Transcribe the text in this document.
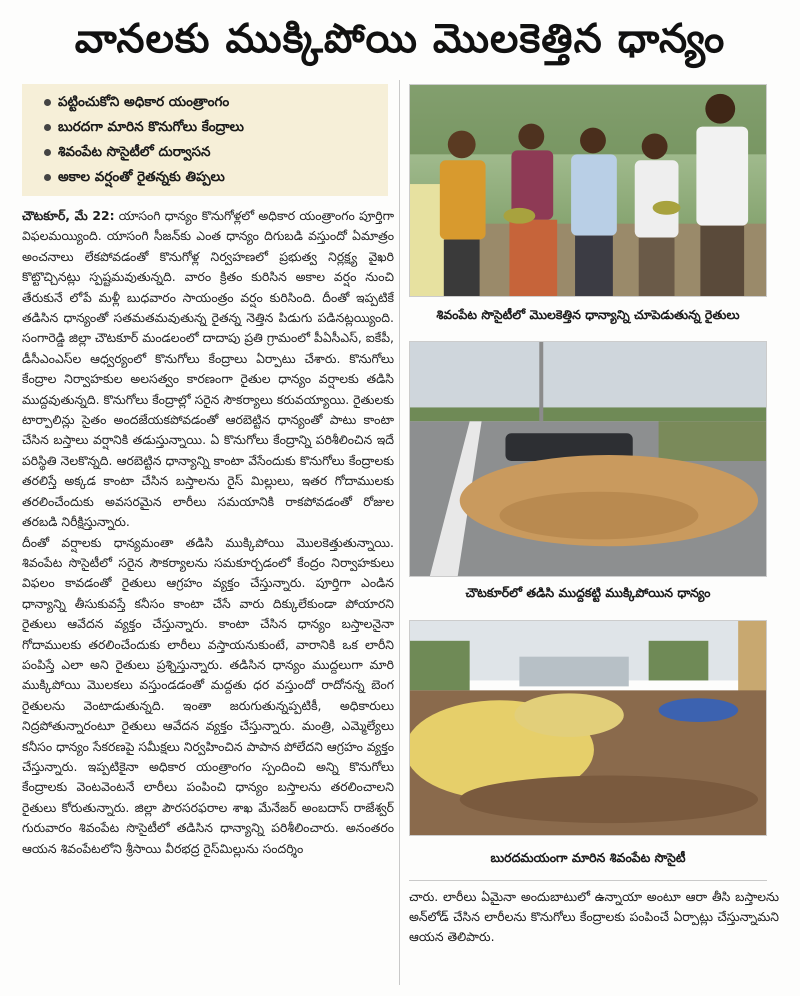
వానలకు ముక్కిపోయి మొలకెత్తిన ధాన్యం
పట్టించుకోని అధికార యంత్రాంగం
బురదగా మారిన కొనుగోలు కేంద్రాలు
శివంపేట సొసైటీలో దుర్వాసన
అకాల వర్షంతో రైతన్నకు తిప్పలు

చౌటకూర్, మే 22: యాసంగి ధాన్యం కొనుగోళ్లలో అధికార యంత్రాంగం పూర్తిగా విఫలమయ్యింది. యాసంగి సీజన్‌కు ఎంత ధాన్యం దిగుబడి వస్తుందో ఏమాత్రం అంచనాలు లేకపోవడంతో కొనుగోళ్ల నిర్వహణలో ప్రభుత్వ నిర్లక్ష్య వైఖరి కొట్టొచ్చినట్లు స్పష్టమవుతున్నది. వారం క్రితం కురిసిన అకాల వర్షం నుంచి తేరుకునే లోపే మళ్లీ బుధవారం సాయంత్రం వర్షం కురిసింది. దీంతో ఇప్పటికే తడిసిన ధాన్యంతో సతమతమవుతున్న రైతన్న నెత్తిన పిడుగు పడినట్లయ్యింది. సంగారెడ్డి జిల్లా చౌటకూర్ మండలంలో దాదాపు ప్రతి గ్రామంలో పీఏసీఎస్, ఐకేపీ, డీసీఎంఎస్‌ల ఆధ్వర్యంలో కొనుగోలు కేంద్రాలు ఏర్పాటు చేశారు. కొనుగోలు కేంద్రాల నిర్వాహకుల అలసత్వం కారణంగా రైతుల ధాన్యం వర్షాలకు తడిసి ముద్దవుతున్నది. కొనుగోలు కేంద్రాల్లో సరైన సౌకర్యాలు కరువయ్యాయి. రైతులకు టార్పాలిన్లు సైతం అందజేయకపోవడంతో ఆరబెట్టిన ధాన్యంతో పాటు కాంటా చేసిన బస్తాలు వర్షానికి తడుస్తున్నాయి. ఏ కొనుగోలు కేంద్రాన్ని పరిశీలించిన ఇదే పరిస్థితి నెలకొన్నది. ఆరబెట్టిన ధాన్యాన్ని కాంటా వేసేందుకు కొనుగోలు కేంద్రాలకు తరలిస్తే అక్కడ కాంటా చేసిన బస్తాలను రైస్ మిల్లులు, ఇతర గోదాములకు తరలించేందుకు అవసరమైన లారీలు సమయానికి రాకపోవడంతో రోజుల తరబడి నిరీక్షిస్తున్నారు.

దీంతో వర్షాలకు ధాన్యమంతా తడిసి ముక్కిపోయి మొలకెత్తుతున్నాయి. శివంపేట సొసైటీలో సరైన సౌకర్యాలను సమకూర్చడంలో కేంద్రం నిర్వాహకులు విఫలం కావడంతో రైతులు ఆగ్రహం వ్యక్తం చేస్తున్నారు. పూర్తిగా ఎండిన ధాన్యాన్ని తీసుకువస్తే కనీసం కాంటా చేసే వారు దిక్కులేకుండా పోయారని రైతులు ఆవేదన వ్యక్తం చేస్తున్నారు. కాంటా చేసిన ధాన్యం బస్తాలనైనా గోదాములకు తరలించేందుకు లారీలు వస్తాయనుకుంటే, వారానికి ఒక లారీని పంపిస్తే ఎలా అని రైతులు ప్రశ్నిస్తున్నారు. తడిసిన ధాన్యం ముద్దలుగా మారి ముక్కిపోయి మొలకలు వస్తుండడంతో మద్దతు ధర వస్తుందో రాదోనన్న బెంగ రైతులను వెంటాడుతున్నది. ఇంతా జరుగుతున్నప్పటికీ, అధికారులు నిద్రపోతున్నారంటూ రైతులు ఆవేదన వ్యక్తం చేస్తున్నారు. మంత్రి, ఎమ్మెల్యేలు కనీసం ధాన్యం సేకరణపై సమీక్షలు నిర్వహించిన పాపాన పోలేదని ఆగ్రహం వ్యక్తం చేస్తున్నారు. ఇప్పటికైనా అధికార యంత్రాంగం స్పందించి అన్ని కొనుగోలు కేంద్రాలకు వెంటవెంటనే లారీలు పంపించి ధాన్యం బస్తాలను తరలించాలని రైతులు కోరుతున్నారు. జిల్లా పౌరసరఫరాల శాఖ మేనేజర్ అంబదాస్ రాజేశ్వర్ గురువారం శివంపేట సొసైటీలో తడిసిన ధాన్యాన్ని పరిశీలించారు. అనంతరం ఆయన శివంపేటలోని శ్రీసాయి వీరభద్ర రైస్‌మిల్లును సందర్శిం

శివంపేట సొసైటీలో మొలకెత్తిన ధాన్యాన్ని చూపెడుతున్న రైతులు
చౌటకూర్‌లో తడిసి ముద్దకట్టి ముక్కిపోయిన ధాన్యం
బురదమయంగా మారిన శివంపేట సొసైటీ

చారు. లారీలు ఏమైనా అందుబాటులో ఉన్నాయా అంటూ ఆరా తీసి బస్తాలను అన్‌లోడ్ చేసిన లారీలను కొనుగోలు కేంద్రాలకు పంపించే ఏర్పాట్లు చేస్తున్నామని ఆయన తెలిపారు.
